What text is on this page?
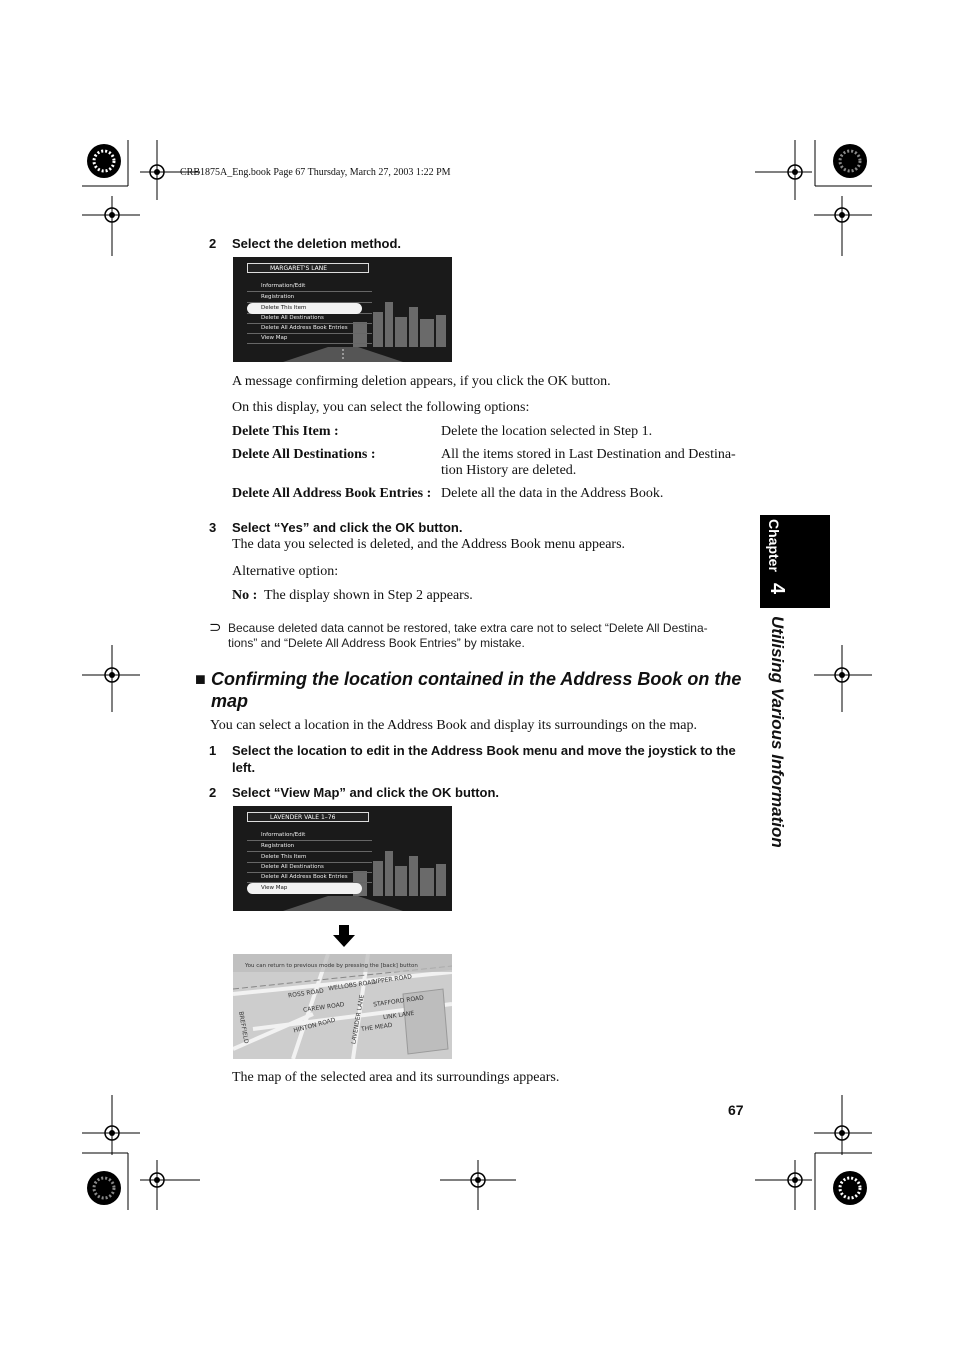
CRB1875A_Eng.book Page 67 Thursday, March 27, 2003 1:22 PM
2 Select the deletion method.
MARGARET'S LANE
Information/Edit
Registration
Delete This Item
Delete All Destinations
Delete All Address Book Entries
View Map
A message confirming deletion appears, if you click the OK button.
On this display, you can select the following options:
Delete This Item :	Delete the location selected in Step 1.
Delete All Destinations :	All the items stored in Last Destination and Destina-
tion History are deleted.
Delete All Address Book Entries : Delete all the data in the Address Book.
3 Select “Yes” and click the OK button.
The data you selected is deleted, and the Address Book menu appears.
Alternative option:
No : The display shown in Step 2 appears.
⊃ Because deleted data cannot be restored, take extra care not to select “Delete All Destina-
tions” and “Delete All Address Book Entries” by mistake.
■ Confirming the location contained in the Address Book on the
map
You can select a location in the Address Book and display its surroundings on the map.
1 Select the location to edit in the Address Book menu and move the joystick to the
left.
2 Select “View Map” and click the OK button.
LAVENDER VALE 1–76
Information/Edit
Registration
Delete This Item
Delete All Destinations
Delete All Address Book Entries
View Map
You can return to previous mode by pressing the [back] button
ROSS ROAD
WELLOBS ROAD
UPPER ROAD
CAREW ROAD	STAFFORD ROAD
LINK LANE
HINTON ROAD	THE MEAD
BREFFIELD	LAVENDER LANE
The map of the selected area and its surroundings appears.
Chapter
4
Utilising Various Information
67
